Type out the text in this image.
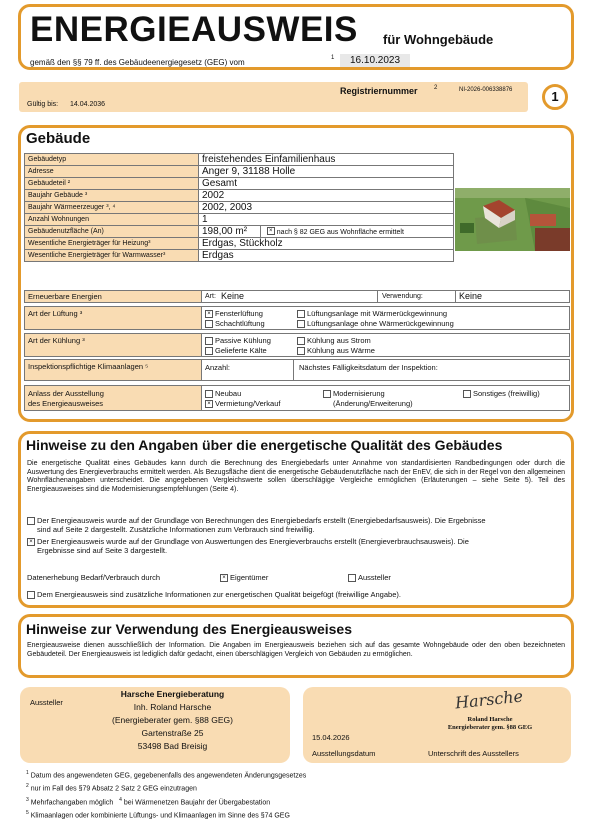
ENERGIEAUSWEIS für Wohngebäude
gemäß den §§ 79 ff. des Gebäudeenergiegesetz (GEG) vom	1	16.10.2023
Registriernummer	2	NI-2026-006338876
Gültig bis: 14.04.2036
1
Gebäude
Gebäudetyp	freistehendes Einfamilienhaus
Adresse	Anger 9, 31188 Holle
Gebäudeteil ²	Gesamt
Baujahr Gebäude ³	2002
Baujahr Wärmeerzeuger ³, ⁴	2002, 2003
Anzahl Wohnungen	1
Gebäudenutzfläche (An)	198,00 m² × nach § 82 GEG aus Wohnfläche ermittelt
Wesentliche Energieträger für Heizung³	Erdgas, Stückholz
Wesentliche Energieträger für Warmwasser³	Erdgas
Erneuerbare Energien	Art: Keine	Verwendung:	Keine
Art der Lüftung ³	× Fensterlüftung	Lüftungsanlage mit Wärmerückgewinnung
Schachtlüftung	Lüftungsanlage ohne Wärmerückgewinnung
Art der Kühlung ³	Passive Kühlung	Kühlung aus Strom
Gelieferte Kälte	Kühlung aus Wärme
Inspektionspflichtige Klimaanlagen ⁵	Anzahl:	Nächstes Fälligkeitsdatum der Inspektion:
Anlass der Ausstellung
des Energieausweises
Neubau	Modernisierung	Sonstiges (freiwillig)
× Vermietung/Verkauf	(Änderung/Erweiterung)
Hinweise zu den Angaben über die energetische Qualität des Gebäudes
Die energetische Qualität eines Gebäudes kann durch die Berechnung des Energiebedarfs unter Annahme von standardisierten Randbedingungen oder durch die Auswertung des Energieverbrauchs ermittelt werden. Als Bezugsfläche dient die energetische Gebäudenutzfläche nach der EnEV, die sich in der Regel von den allgemeinen Wohnflächenangaben unterscheidet. Die angegebenen Vergleichswerte sollen überschlägige Vergleiche ermöglichen (Erläuterungen – siehe Seite 5). Teil des Energieausweises sind die Modernisierungsempfehlungen (Seite 4).
Der Energieausweis wurde auf der Grundlage von Berechnungen des Energiebedarfs erstellt (Energiebedarfsausweis). Die Ergebnisse
sind auf Seite 2 dargestellt. Zusätzliche Informationen zum Verbrauch sind freiwillig.
× Der Energieausweis wurde auf der Grundlage von Auswertungen des Energieverbrauchs erstellt (Energieverbrauchsausweis). Die
Ergebnisse sind auf Seite 3 dargestellt.
Datenerhebung Bedarf/Verbrauch durch	× Eigentümer	Aussteller
Dem Energieausweis sind zusätzliche Informationen zur energetischen Qualität beigefügt (freiwillige Angabe).
Hinweise zur Verwendung des Energieausweises
Energieausweise dienen ausschließlich der Information. Die Angaben im Energieausweis beziehen sich auf das gesamte Wohngebäude oder den oben bezeichneten Gebäudeteil. Der Energieausweis ist lediglich dafür gedacht, einen überschlägigen Vergleich von Gebäuden zu ermöglichen.
Aussteller
Harsche Energieberatung
Inh. Roland Harsche
(Energieberater gem. §88 GEG)
Gartenstraße 25
53498 Bad Breisig
15.04.2026
Ausstellungsdatum
Harsche
Roland Harsche
Energieberater gem. §88 GEG
Unterschrift des Ausstellers
$^1$ Datum des angewendeten GEG, gegebenenfalls des angewendeten Änderungsgesetzes
$^2$ nur im Fall des §79 Absatz 2 Satz 2 GEG einzutragen
$^3$ Mehrfachangaben möglich $^4$ bei Wärmenetzen Baujahr der Übergabestation
$^5$ Klimaanlagen oder kombinierte Lüftungs- und Klimaanlagen im Sinne des §74 GEG
